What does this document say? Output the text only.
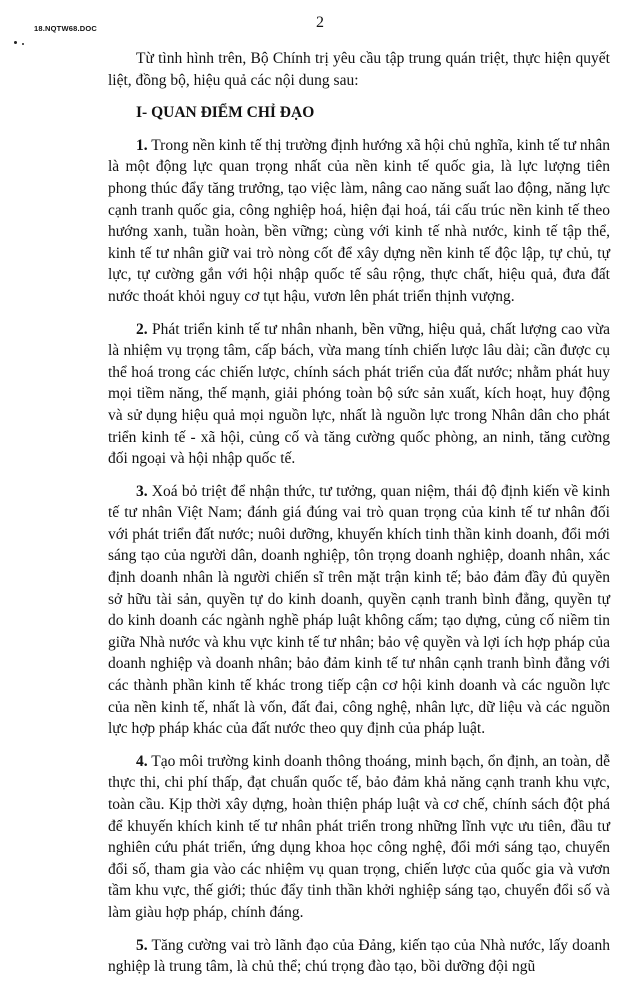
18.NQTW68.DOC	2

Từ tình hình trên, Bộ Chính trị yêu cầu tập trung quán triệt, thực hiện quyết liệt, đồng bộ, hiệu quả các nội dung sau:

I- QUAN ĐIỂM CHỈ ĐẠO

1. Trong nền kinh tế thị trường định hướng xã hội chủ nghĩa, kinh tế tư nhân là một động lực quan trọng nhất của nền kinh tế quốc gia, là lực lượng tiên phong thúc đẩy tăng trưởng, tạo việc làm, nâng cao năng suất lao động, năng lực cạnh tranh quốc gia, công nghiệp hoá, hiện đại hoá, tái cấu trúc nền kinh tế theo hướng xanh, tuần hoàn, bền vững; cùng với kinh tế nhà nước, kinh tế tập thể, kinh tế tư nhân giữ vai trò nòng cốt để xây dựng nền kinh tế độc lập, tự chủ, tự lực, tự cường gắn với hội nhập quốc tế sâu rộng, thực chất, hiệu quả, đưa đất nước thoát khỏi nguy cơ tụt hậu, vươn lên phát triển thịnh vượng.

2. Phát triển kinh tế tư nhân nhanh, bền vững, hiệu quả, chất lượng cao vừa là nhiệm vụ trọng tâm, cấp bách, vừa mang tính chiến lược lâu dài; cần được cụ thể hoá trong các chiến lược, chính sách phát triển của đất nước; nhằm phát huy mọi tiềm năng, thế mạnh, giải phóng toàn bộ sức sản xuất, kích hoạt, huy động và sử dụng hiệu quả mọi nguồn lực, nhất là nguồn lực trong Nhân dân cho phát triển kinh tế - xã hội, củng cố và tăng cường quốc phòng, an ninh, tăng cường đối ngoại và hội nhập quốc tế.

3. Xoá bỏ triệt để nhận thức, tư tưởng, quan niệm, thái độ định kiến về kinh tế tư nhân Việt Nam; đánh giá đúng vai trò quan trọng của kinh tế tư nhân đối với phát triển đất nước; nuôi dưỡng, khuyến khích tinh thần kinh doanh, đổi mới sáng tạo của người dân, doanh nghiệp, tôn trọng doanh nghiệp, doanh nhân, xác định doanh nhân là người chiến sĩ trên mặt trận kinh tế; bảo đảm đầy đủ quyền sở hữu tài sản, quyền tự do kinh doanh, quyền cạnh tranh bình đẳng, quyền tự do kinh doanh các ngành nghề pháp luật không cấm; tạo dựng, củng cố niềm tin giữa Nhà nước và khu vực kinh tế tư nhân; bảo vệ quyền và lợi ích hợp pháp của doanh nghiệp và doanh nhân; bảo đảm kinh tế tư nhân cạnh tranh bình đẳng với các thành phần kinh tế khác trong tiếp cận cơ hội kinh doanh và các nguồn lực của nền kinh tế, nhất là vốn, đất đai, công nghệ, nhân lực, dữ liệu và các nguồn lực hợp pháp khác của đất nước theo quy định của pháp luật.

4. Tạo môi trường kinh doanh thông thoáng, minh bạch, ổn định, an toàn, dễ thực thi, chi phí thấp, đạt chuẩn quốc tế, bảo đảm khả năng cạnh tranh khu vực, toàn cầu. Kịp thời xây dựng, hoàn thiện pháp luật và cơ chế, chính sách đột phá để khuyến khích kinh tế tư nhân phát triển trong những lĩnh vực ưu tiên, đầu tư nghiên cứu phát triển, ứng dụng khoa học công nghệ, đổi mới sáng tạo, chuyển đổi số, tham gia vào các nhiệm vụ quan trọng, chiến lược của quốc gia và vươn tầm khu vực, thế giới; thúc đẩy tinh thần khởi nghiệp sáng tạo, chuyển đổi số và làm giàu hợp pháp, chính đáng.

5. Tăng cường vai trò lãnh đạo của Đảng, kiến tạo của Nhà nước, lấy doanh nghiệp là trung tâm, là chủ thể; chú trọng đào tạo, bồi dưỡng đội ngũ
